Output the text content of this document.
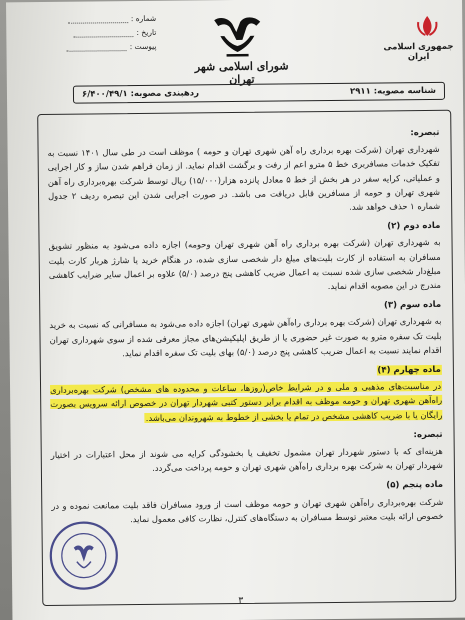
جمهوری اسلامی ایران
شورای اسلامی شهر تهران
شماره :
تاریخ :
پیوست :
شناسه مصوبه: ۲۹۱۱
ردهبندی مصوبه: ۶/۴۰۰/۴۹/۱
تبصره:

شهرداری تهران (شرکت بهره برداری راه آهن شهری تهران و حومه ) موظف است در طی سال ۱۴۰۱ نسبت به تفکیک خدمات مسافربری خط ۵ مترو اعم از رفت و برگشت اقدام نماید. از زمان فراهم شدن ساز و کار اجرایی و عملیاتی، کرایه سفر در هر بخش از خط ۵ معادل پانزده هزار(۱۵/۰۰۰) ریال توسط شرکت بهره‌برداری راه آهن شهری تهران و حومه از مسافرین قابل دریافت می باشد. در صورت اجرایی شدن این تبصره ردیف ۲ جدول شماره ۱ حذف خواهد شد.

ماده دوم (۲)

به شهرداری تهران (شرکت بهره برداری راه آهن شهری تهران وحومه) اجازه داده می‌شود به منظور تشویق مسافران به استفاده از کارت بلیت‌های مبلغ دار شخصی سازی شده، در هنگام خرید یا شارژ هربار کارت بلیت مبلغ‌دار شخصی سازی شده نسبت به اعمال ضریب کاهشی پنج درصد (۵/۰) علاوه بر اعمال سایر ضرایب کاهشی مندرج در این مصوبه اقدام نماید.

ماده سوم (۳)

به شهرداری تهران (شرکت بهره برداری راه‌آهن شهری تهران) اجازه داده می‌شود به مسافرانی که نسبت به خرید بلیت تک سفره مترو به صورت غیر حضوری یا از طریق اپلیکیشن‌های مجاز معرفی شده از سوی شهرداری تهران اقدام نمایند نسبت به اعمال ضریب کاهشی پنج درصد (۵/۰) بهای بلیت تک سفره اقدام نماید.

ماده چهارم (۴)

در مناسبت‌های مذهبی و ملی و در شرایط خاص(روزها، ساعات و محدوده های مشخص) شرکت بهره‌برداری راه‌آهن شهری تهران و حومه موظف به اقدام برابر دستور کتبی شهردار تهران در خصوص ارائه سرویس بصورت رایگان یا با ضریب کاهشی مشخص در تمام یا بخشی از خطوط به شهروندان می‌باشد.

تبصره:

هزینه‌ای که با دستور شهردار تهران مشمول تخفیف یا بخشودگی کرایه می شوند از محل اعتبارات در اختیار شهردار تهران به شرکت بهره برداری راه‌آهن شهری تهران و حومه پرداخت می‌گردد.

ماده پنجم (۵)

شرکت بهره‌برداری راه‌آهن شهری تهران و حومه موظف است از ورود مسافران فاقد بلیت ممانعت نموده و در خصوص ارائه بلیت معتبر توسط مسافران به دستگاه‌های کنترل، نظارت کافی معمول نماید.

۳
